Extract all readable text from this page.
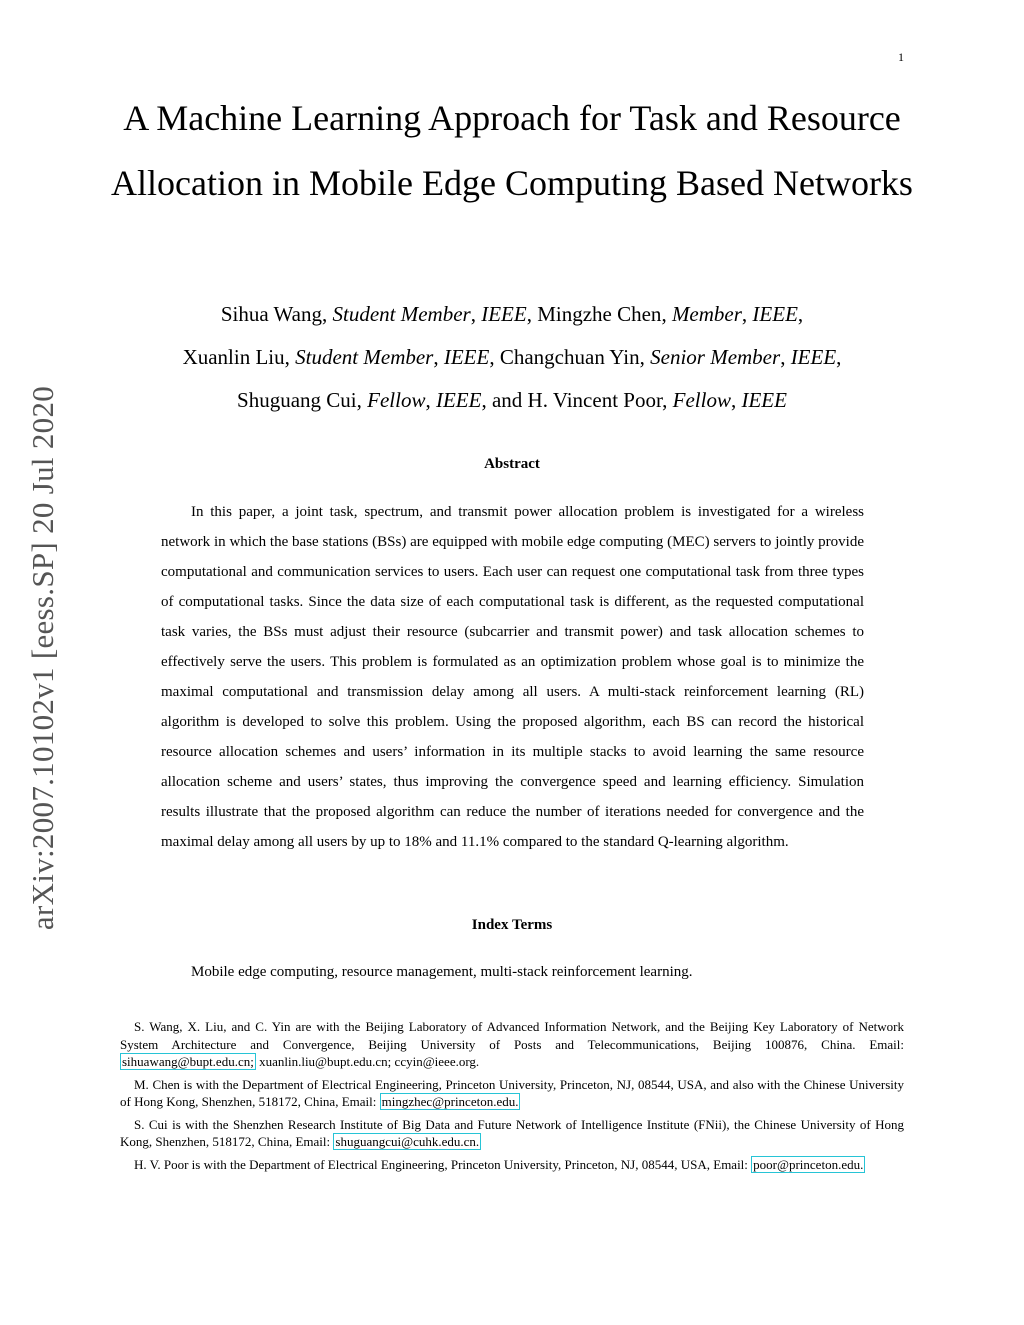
1
arXiv:2007.10102v1 [eess.SP] 20 Jul 2020
A Machine Learning Approach for Task and Resource Allocation in Mobile Edge Computing Based Networks
Sihua Wang, Student Member, IEEE, Mingzhe Chen, Member, IEEE,
Xuanlin Liu, Student Member, IEEE, Changchuan Yin, Senior Member, IEEE,
Shuguang Cui, Fellow, IEEE, and H. Vincent Poor, Fellow, IEEE
Abstract

In this paper, a joint task, spectrum, and transmit power allocation problem is investigated for a wireless network in which the base stations (BSs) are equipped with mobile edge computing (MEC) servers to jointly provide computational and communication services to users. Each user can request one computational task from three types of computational tasks. Since the data size of each computational task is different, as the requested computational task varies, the BSs must adjust their resource (subcarrier and transmit power) and task allocation schemes to effectively serve the users. This problem is formulated as an optimization problem whose goal is to minimize the maximal computational and transmission delay among all users. A multi-stack reinforcement learning (RL) algorithm is developed to solve this problem. Using the proposed algorithm, each BS can record the historical resource allocation schemes and users’ information in its multiple stacks to avoid learning the same resource allocation scheme and users’ states, thus improving the convergence speed and learning efficiency. Simulation results illustrate that the proposed algorithm can reduce the number of iterations needed for convergence and the maximal delay among all users by up to 18% and 11.1% compared to the standard Q-learning algorithm.

Index Terms

Mobile edge computing, resource management, multi-stack reinforcement learning.

S. Wang, X. Liu, and C. Yin are with the Beijing Laboratory of Advanced Information Network, and the Beijing Key Laboratory of Network System Architecture and Convergence, Beijing University of Posts and Telecommunications, Beijing 100876, China. Email: sihuawang@bupt.edu.cn; xuanlin.liu@bupt.edu.cn; ccyin@ieee.org.

M. Chen is with the Department of Electrical Engineering, Princeton University, Princeton, NJ, 08544, USA, and also with the Chinese University of Hong Kong, Shenzhen, 518172, China, Email: mingzhec@princeton.edu.

S. Cui is with the Shenzhen Research Institute of Big Data and Future Network of Intelligence Institute (FNii), the Chinese University of Hong Kong, Shenzhen, 518172, China, Email: shuguangcui@cuhk.edu.cn.

H. V. Poor is with the Department of Electrical Engineering, Princeton University, Princeton, NJ, 08544, USA, Email: poor@princeton.edu.
